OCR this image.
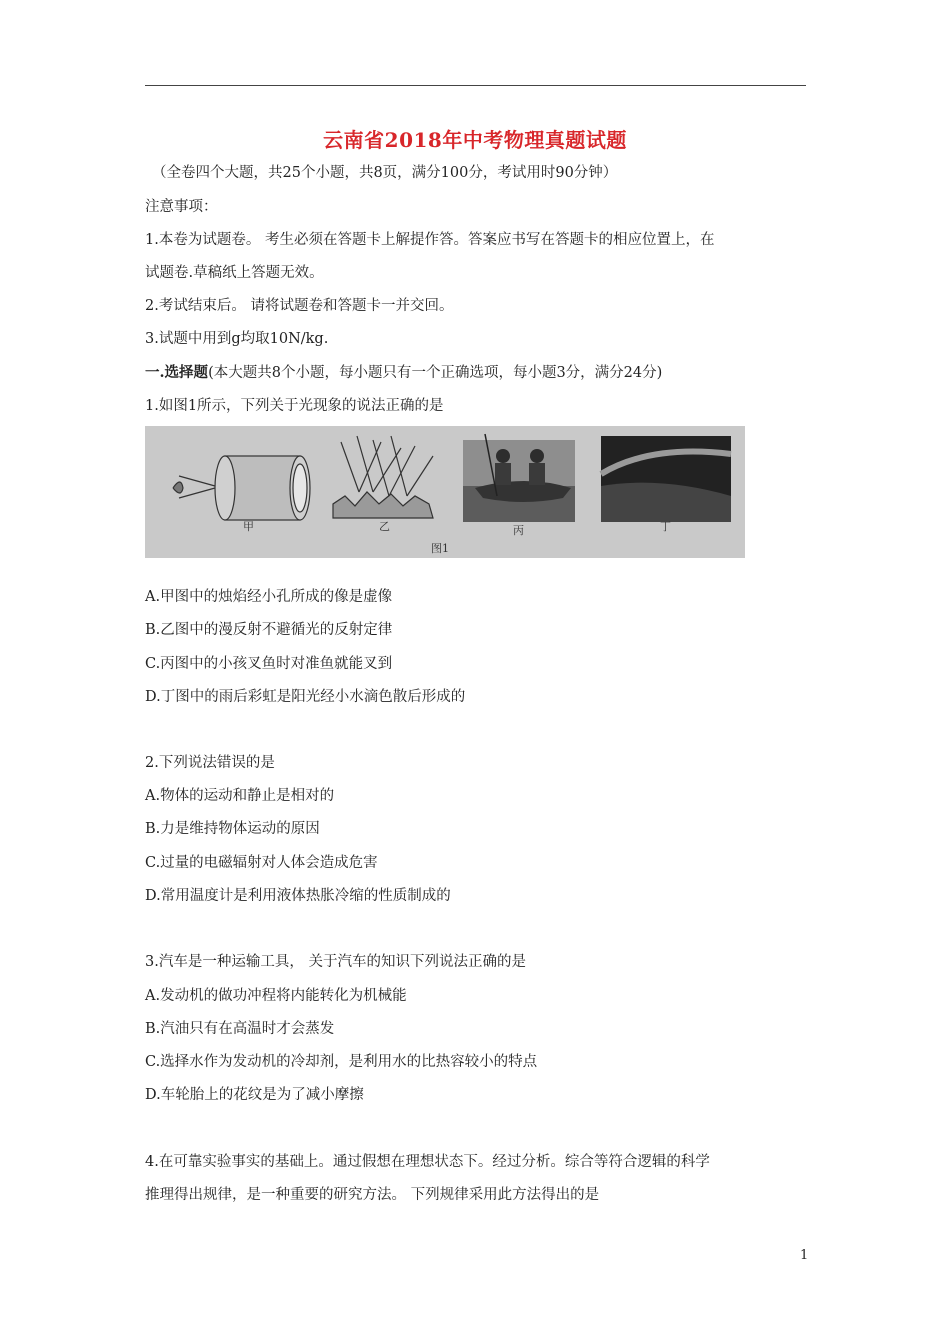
云南省2018年中考物理真题试题
（全卷四个大题，共25个小题，共8页，满分100分，考试用时90分钟）
注意事项：
1.本卷为试题卷。 考生必须在答题卡上解提作答。答案应书写在答题卡的相应位置上，在
试题卷.草稿纸上答题无效。
2.考试结束后。 请将试题卷和答题卡一并交回。
3.试题中用到g均取10N/kg.
一.选择题(本大题共8个小题，每小题只有一个正确选项，每小题3分，满分24分)
1.如图1所示，下列关于光现象的说法正确的是
甲	乙	丙	丁
图1
A.甲图中的烛焰经小孔所成的像是虚像
B.乙图中的漫反射不避循光的反射定律
C.丙图中的小孩叉鱼时对准鱼就能叉到
D.丁图中的雨后彩虹是阳光经小水滴色散后形成的
2.下列说法错误的是
A.物体的运动和静止是相对的
B.力是维持物体运动的原因
C.过量的电磁辐射对人体会造成危害
D.常用温度计是利用液体热胀冷缩的性质制成的
3.汽车是一种运输工具， 关于汽车的知识下列说法正确的是
A.发动机的做功冲程将内能转化为机械能
B.汽油只有在高温时才会蒸发
C.选择水作为发动机的冷却剂，是利用水的比热容较小的特点
D.车轮胎上的花纹是为了减小摩擦
4.在可靠实验事实的基础上。通过假想在理想状态下。经过分析。综合等符合逻辑的科学
推理得出规律，是一种重要的研究方法。 下列规律采用此方法得出的是
1
